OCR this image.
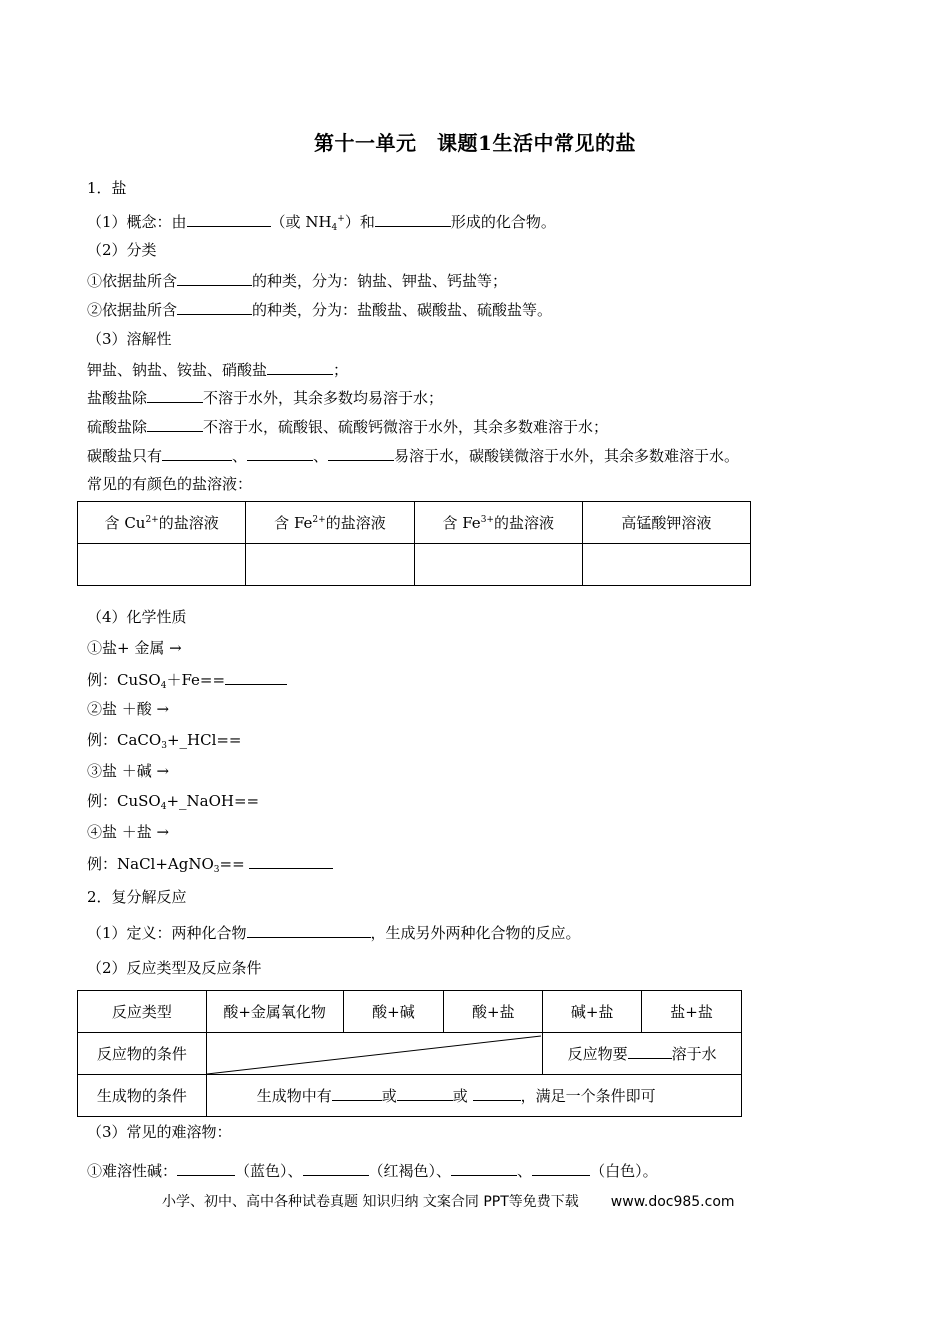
第十一单元　课题1生活中常见的盐
1．盐
（1）概念：由	（或 $NH_4^+$）和	形成的化合物。
（2）分类
①依据盐所含	的种类，分为：钠盐、钾盐、钙盐等；
②依据盐所含	的种类，分为：盐酸盐、碳酸盐、硫酸盐等。
（3）溶解性
钾盐、钠盐、铵盐、硝酸盐	；
盐酸盐除	不溶于水外，其余多数均易溶于水；
硫酸盐除	不溶于水，硫酸银、硫酸钙微溶于水外，其余多数难溶于水；
碳酸盐只有	、	、	易溶于水，碳酸镁微溶于水外，其余多数难溶于水。
常见的有颜色的盐溶液：
含 $Cu^{2+}$的盐溶液	含 $Fe^{2+}$的盐溶液	含 $Fe^{3+}$的盐溶液	高锰酸钾溶液

（4）化学性质
①盐+ 金属 →
例：CuSO$_4$＋Fe==
②盐 ＋酸 →
例：CaCO$_3$+_HCl==
③盐 ＋碱 →
例：CuSO$_4$+_NaOH==
④盐 ＋盐 →
例：NaCl+AgNO$_3$==
2．复分解反应
（1）定义：两种化合物	，生成另外两种化合物的反应。
（2）反应类型及反应条件
反应类型	酸+金属氧化物	酸+碱	酸+盐	碱+盐	盐+盐
反应物的条件				反应物要 溶于水	
生成物的条件	生成物中有 或 或 ，满足一个条件即可				
（3）常见的难溶物：
①难溶性碱：	（蓝色）、	（红褐色）、	、	（白色）。
小学、初中、高中各种试卷真题 知识归纳 文案合同 PPT等免费下载 www.doc985.com
